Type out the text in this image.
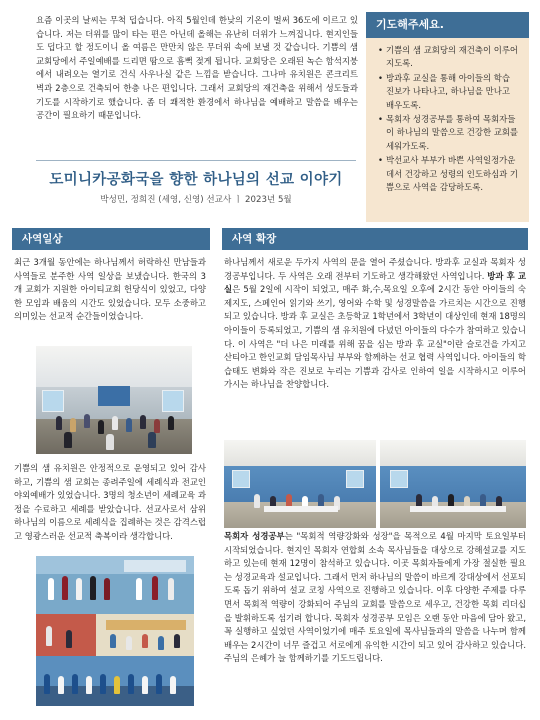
요즘 이곳의 날씨는 무척 덥습니다. 아직 5월인데 한낮의 기온이 벌써 36도에 이르고 있습니다. 저는 더위를 많이 타는 편은 아닌데 올해는 유난히 더위가 느껴집니다. 현지인들도 덥다고 할 정도이니 올 여름은 만만치 않은 무더위 속에 보낼 것 같습니다. 기쁨의 샘 교회당에서 주일예배를 드리면 땀으로 흠뻑 젖게 됩니다. 교회당은 오래된 녹슨 함석지붕에서 내려오는 열기로 건식 사우나실 같은 느낌을 받습니다. 그나마 유치원은 콘크리트 벽과 2층으로 건축되어 한층 나은 편입니다. 그래서 교회당의 재건축을 위해서 성도들과 기도를 시작하기로 했습니다. 좀 더 쾌적한 환경에서 하나님을 예배하고 말씀을 배우는 공간이 필요하기 때문입니다.
기도해주세요.
• 기쁨의 샘 교회당의 재건축이 이루어지도록.
• 방과후 교실을 통해 아이들의 학습 진보가 나타나고, 하나님을 만나고 배우도록.
• 목회자 성경공부를 통하여 목회자들이 하나님의 말씀으로 건강한 교회를 세워가도록.
• 박선교사 부부가 바쁜 사역일정가운데서 건강하고 성령의 인도하심과 기쁨으로 사역을 감당하도록.
도미니카공화국을 향한 하나님의 선교 이야기
박성민, 정희진 (세영, 신영) 선교사 ㅣ 2023년 5월
사역일상	사역 확장
최근 3개월 동안에는 하나님께서 허락하신 만남들과 사역들로 분주한 사역 일상을 보냈습니다. 한국의 3개 교회가 지원한 아이티교회 헌당식이 있었고, 다양한 모임과 배움의 시간도 있었습니다. 모두 소중하고 의미있는 선교적 순간들이었습니다.
기쁨의 샘 유치원은 안정적으로 운영되고 있어 감사하고, 기쁨의 샘 교회는 종려주일에 세례식과 전교인 야외예배가 있었습니다. 3명의 청소년이 세례교육 과정을 수료하고 세례를 받았습니다. 선교사로서 삼위 하나님의 이름으로 세례식을 집례하는 것은 감격스럽고 영광스러운 선교적 축복이라 생각합니다.
하나님께서 새로운 두가지 사역의 문을 열어 주셨습니다. 방과후 교실과 목회자 성경공부입니다. 두 사역은 오래 전부터 기도하고 생각해왔던 사역입니다. 방과 후 교실은 5월 2일에 시작이 되었고, 매주 화,수,목요일 오후에 2시간 동안 아이들의 숙제지도, 스페인어 읽기와 쓰기, 영어와 수학 및 성경말씀을 가르치는 시간으로 진행되고 있습니다. 방과 후 교실은 초등학교 1학년에서 3학년이 대상인데 현재 18명의 아이들이 등록되었고, 기쁨의 샘 유치원에 다녔던 아이들의 다수가 참여하고 있습니다. 이 사역은 "더 나은 미래를 위해 꿈을 심는 방과 후 교실"이란 슬로건을 가지고 산티아고 한인교회 담임목사님 부부와 함께하는 선교 협력 사역입니다. 아이들의 학습태도 변화와 작은 진보로 누리는 기쁨과 감사로 인하여 일을 시작하시고 이루어 가시는 하나님을 찬양합니다.
목회자 성경공부는 "목회적 역량강화와 성장"을 목적으로 4월 마지막 토요일부터 시작되었습니다. 현지인 목회자 연합회 소속 목사님들을 대상으로 강해설교를 지도하고 있는데 현재 12명이 참석하고 있습니다. 이곳 목회자들에게 가장 절실한 필요는 성경교육과 설교입니다. 그래서 먼저 하나님의 말씀이 바르게 강대상에서 선포되도록 돕기 위하여 설교 코칭 사역으로 진행하고 있습니다. 이후 다양한 주제를 다루면서 목회적 역량이 강화되어 주님의 교회를 말씀으로 세우고, 건강한 목회 리더십을 발휘하도록 섬기려 합니다. 목회자 성경공부 모임은 오랜 동안 마음에 담아 왔고, 꼭 실행하고 싶었던 사역이었기에 매주 토요일에 목사님들과의 말씀을 나누며 함께 배우는 2시간이 너무 즐겁고 서로에게 유익한 시간이 되고 있어 감사하고 있습니다. 주님의 은혜가 늘 함께하기를 기도드립니다.
